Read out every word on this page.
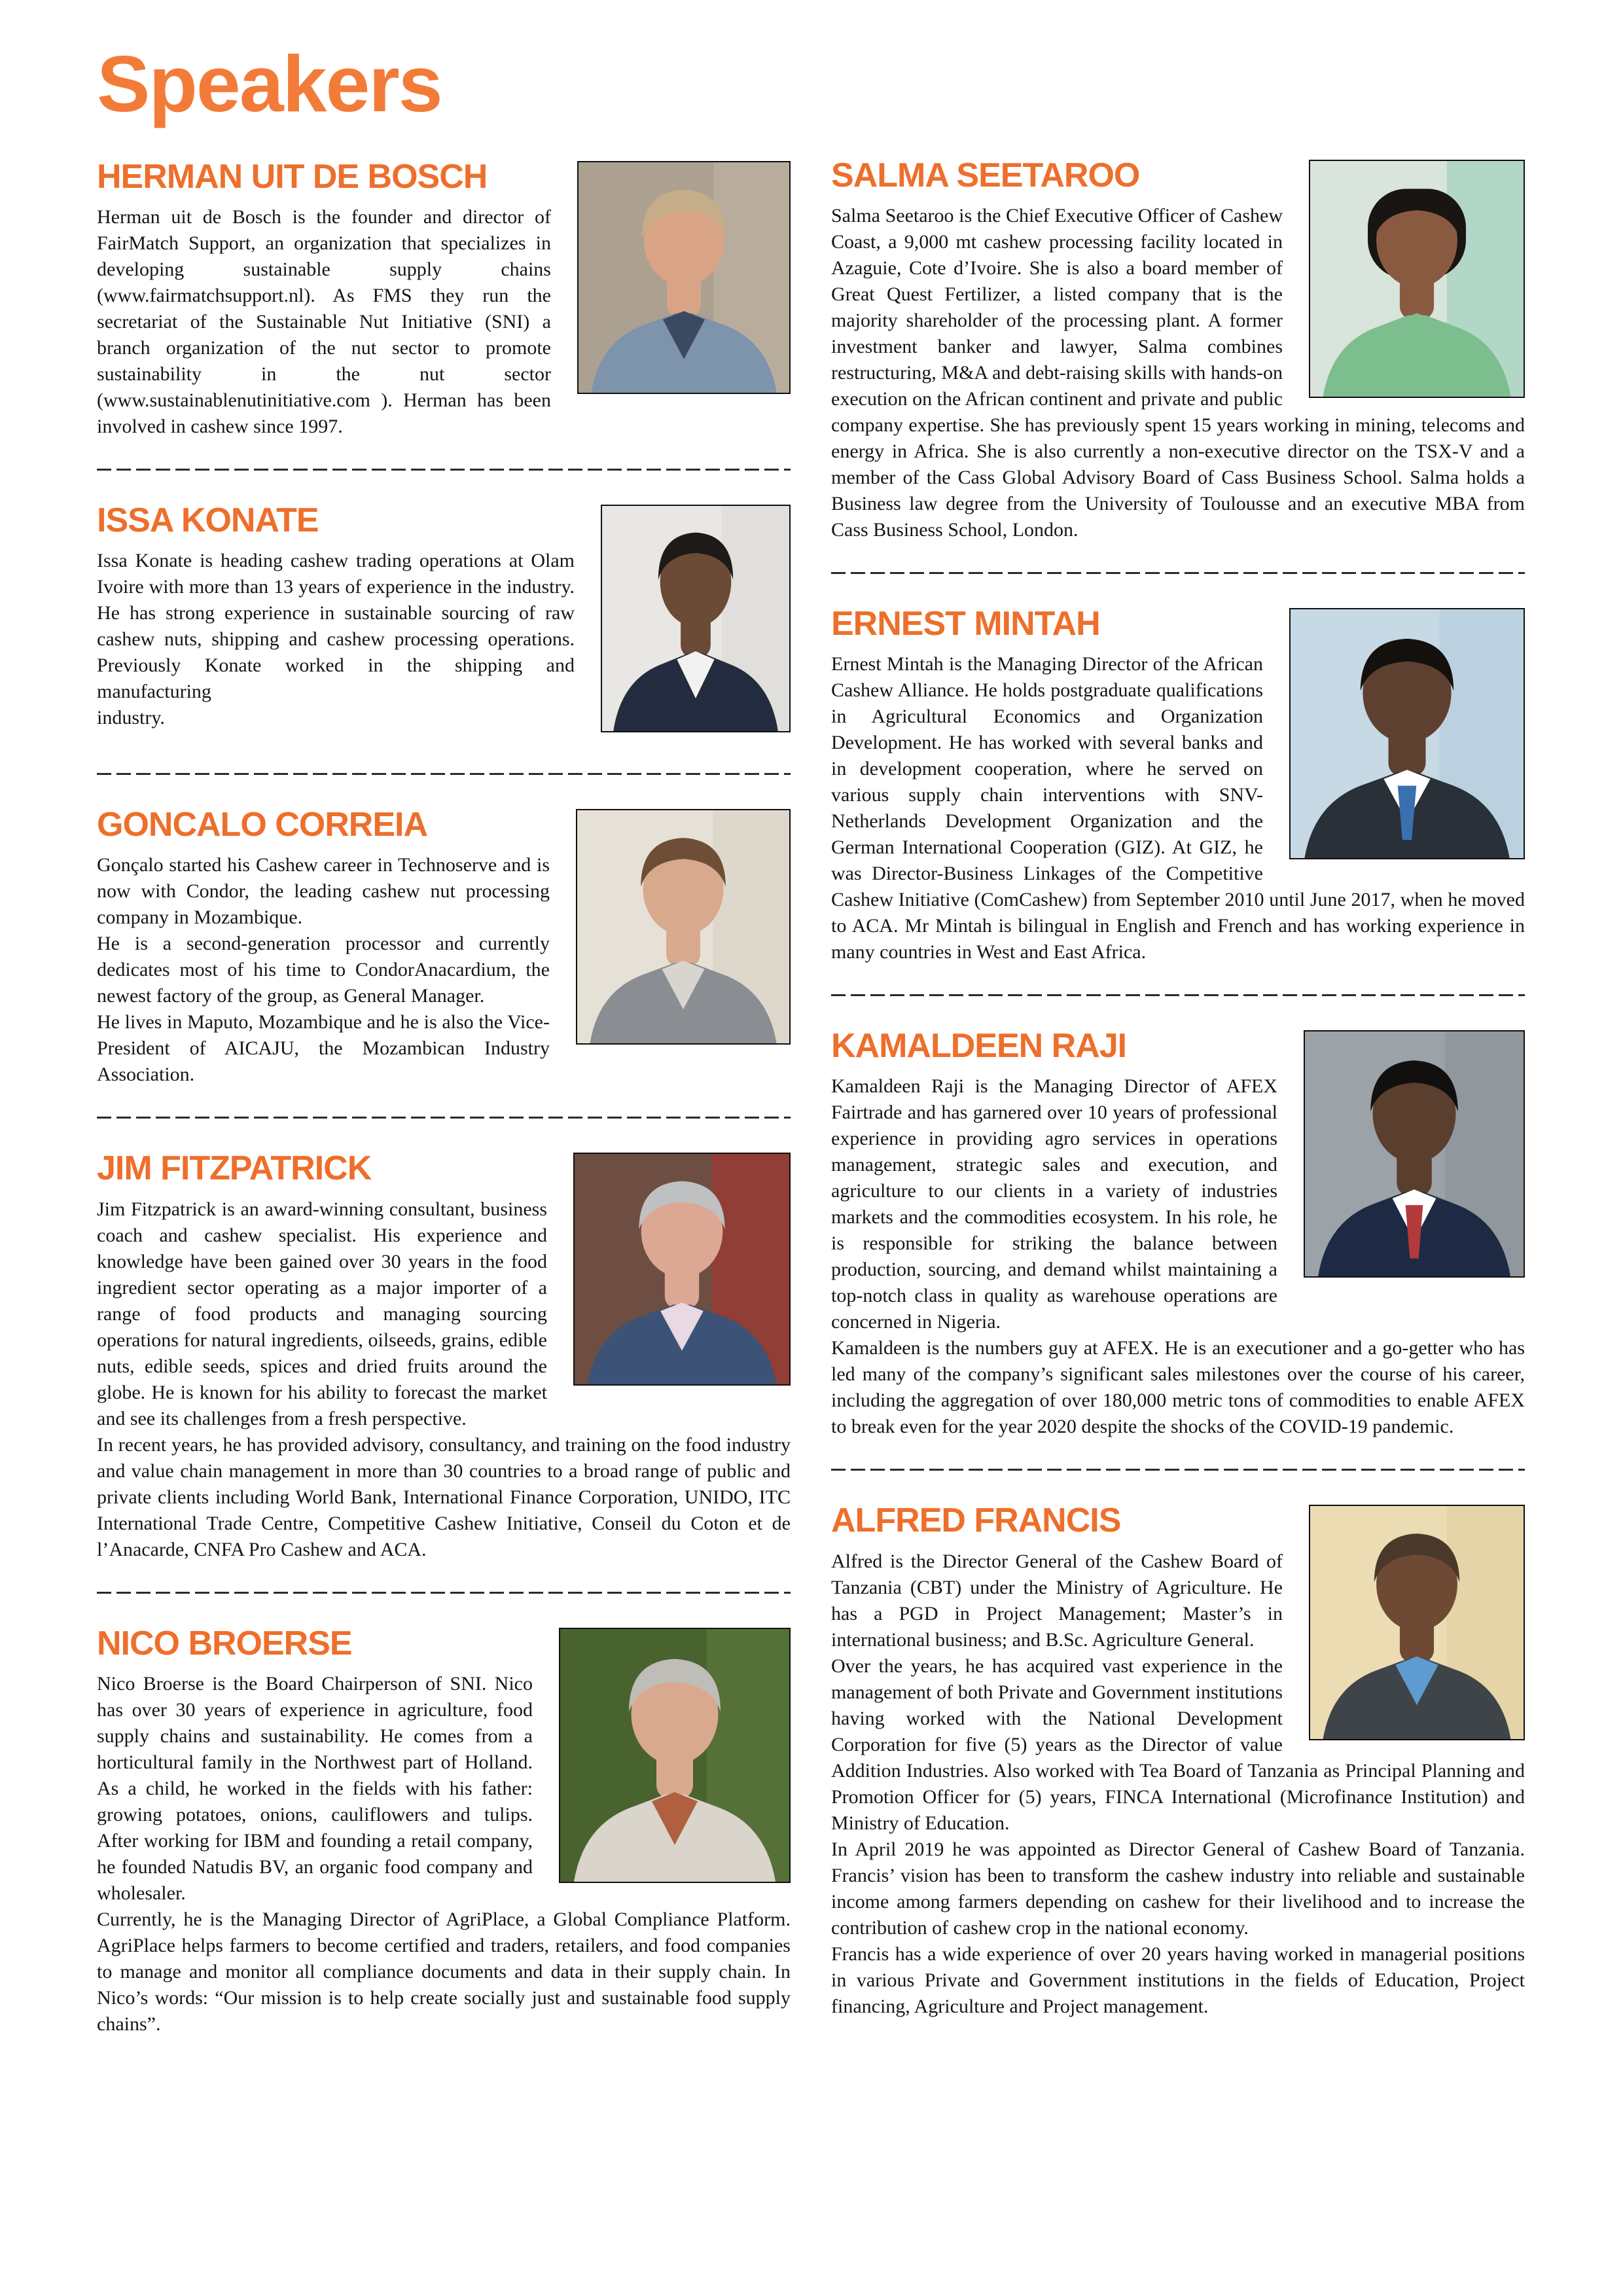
Speakers
HERMAN UIT DE BOSCH

Herman uit de Bosch is the founder and director of FairMatch Support, an organization that specializes in developing sustainable supply chains (www.fairmatchsupport.nl). As FMS they run the secretariat of the Sustainable Nut Initiative (SNI) a branch organization of the nut sector to promote sustainability in the nut sector (www.sustainablenutinitiative.com ). Herman has been involved in cashew since 1997.

ISSA KONATE

Issa Konate is heading cashew trading operations at Olam Ivoire with more than 13 years of experience in the industry. He has strong experience in sustainable sourcing of raw cashew nuts, shipping and cashew processing operations. Previously Konate worked in the shipping and manufacturing

industry.

GONCALO CORREIA

Gonçalo started his Cashew career in Technoserve and is now with Condor, the leading cashew nut processing company in Mozambique.

He is a second-generation processor and currently dedicates most of his time to CondorAnacardium, the newest factory of the group, as General Manager.

He lives in Maputo, Mozambique and he is also the Vice-President of AICAJU, the Mozambican Industry Association.

JIM FITZPATRICK

Jim Fitzpatrick is an award-winning consultant, business coach and cashew specialist. His experience and knowledge have been gained over 30 years in the food ingredient sector operating as a major importer of a range of food products and managing sourcing operations for natural ingredients, oilseeds, grains, edible nuts, edible seeds, spices and dried fruits around the globe. He is known for his ability to forecast the market and see its challenges from a fresh perspective.

In recent years, he has provided advisory, consultancy, and training on the food industry and value chain management in more than 30 countries to a broad range of public and private clients including World Bank, International Finance Corporation, UNIDO, ITC International Trade Centre, Competitive Cashew Initiative, Conseil du Coton et de l’Anacarde, CNFA Pro Cashew and ACA.

NICO BROERSE

Nico Broerse is the Board Chairperson of SNI. Nico has over 30 years of experience in agriculture, food supply chains and sustainability. He comes from a horticultural family in the Northwest part of Holland. As a child, he worked in the fields with his father: growing potatoes, onions, cauliflowers and tulips. After working for IBM and founding a retail company, he founded Natudis BV, an organic food company and wholesaler.

Currently, he is the Managing Director of AgriPlace, a Global Compliance Platform. AgriPlace helps farmers to become certified and traders, retailers, and food companies to manage and monitor all compliance documents and data in their supply chain. In Nico’s words: “Our mission is to help create socially just and sustainable food supply chains”.

SALMA SEETAROO

Salma Seetaroo is the Chief Executive Officer of Cashew Coast, a 9,000 mt cashew processing facility located in Azaguie, Cote d’Ivoire. She is also a board member of Great Quest Fertilizer, a listed company that is the majority shareholder of the processing plant. A former investment banker and lawyer, Salma combines restructuring, M&A and debt-raising skills with hands-on execution on the African continent and private and public company expertise. She has previously spent 15 years working in mining, telecoms and energy in Africa. She is also currently a non-executive director on the TSX-V and a member of the Cass Global Advisory Board of Cass Business School. Salma holds a Business law degree from the University of Toulousse and an executive MBA from Cass Business School, London.

ERNEST MINTAH

Ernest Mintah is the Managing Director of the African Cashew Alliance. He holds postgraduate qualifications in Agricultural Economics and Organization Development. He has worked with several banks and in development cooperation, where he served on various supply chain interventions with SNV-Netherlands Development Organization and the German International Cooperation (GIZ). At GIZ, he was Director-Business Linkages of the Competitive Cashew Initiative (ComCashew) from September 2010 until June 2017, when he moved to ACA. Mr Mintah is bilingual in English and French and has working experience in many countries in West and East Africa.

KAMALDEEN RAJI

Kamaldeen Raji is the Managing Director of AFEX Fairtrade and has garnered over 10 years of professional experience in providing agro services in operations management, strategic sales and execution, and agriculture to our clients in a variety of industries markets and the commodities ecosystem. In his role, he is responsible for striking the balance between production, sourcing, and demand whilst maintaining a top-notch class in quality as warehouse operations are concerned in Nigeria.

Kamaldeen is the numbers guy at AFEX. He is an executioner and a go-getter who has led many of the company’s significant sales milestones over the course of his career, including the aggregation of over 180,000 metric tons of commodities to enable AFEX to break even for the year 2020 despite the shocks of the COVID-19 pandemic.

ALFRED FRANCIS

Alfred is the Director General of the Cashew Board of Tanzania (CBT) under the Ministry of Agriculture. He has a PGD in Project Management; Master’s in international business; and B.Sc. Agriculture General.

Over the years, he has acquired vast experience in the management of both Private and Government institutions having worked with the National Development Corporation for five (5) years as the Director of value Addition Industries. Also worked with Tea Board of Tanzania as Principal Planning and Promotion Officer for (5) years, FINCA International (Microfinance Institution) and Ministry of Education.

In April 2019 he was appointed as Director General of Cashew Board of Tanzania. Francis’ vision has been to transform the cashew industry into reliable and sustainable income among farmers depending on cashew for their livelihood and to increase the contribution of cashew crop in the national economy.

Francis has a wide experience of over 20 years having worked in managerial positions in various Private and Government institutions in the fields of Education, Project financing, Agriculture and Project management.
